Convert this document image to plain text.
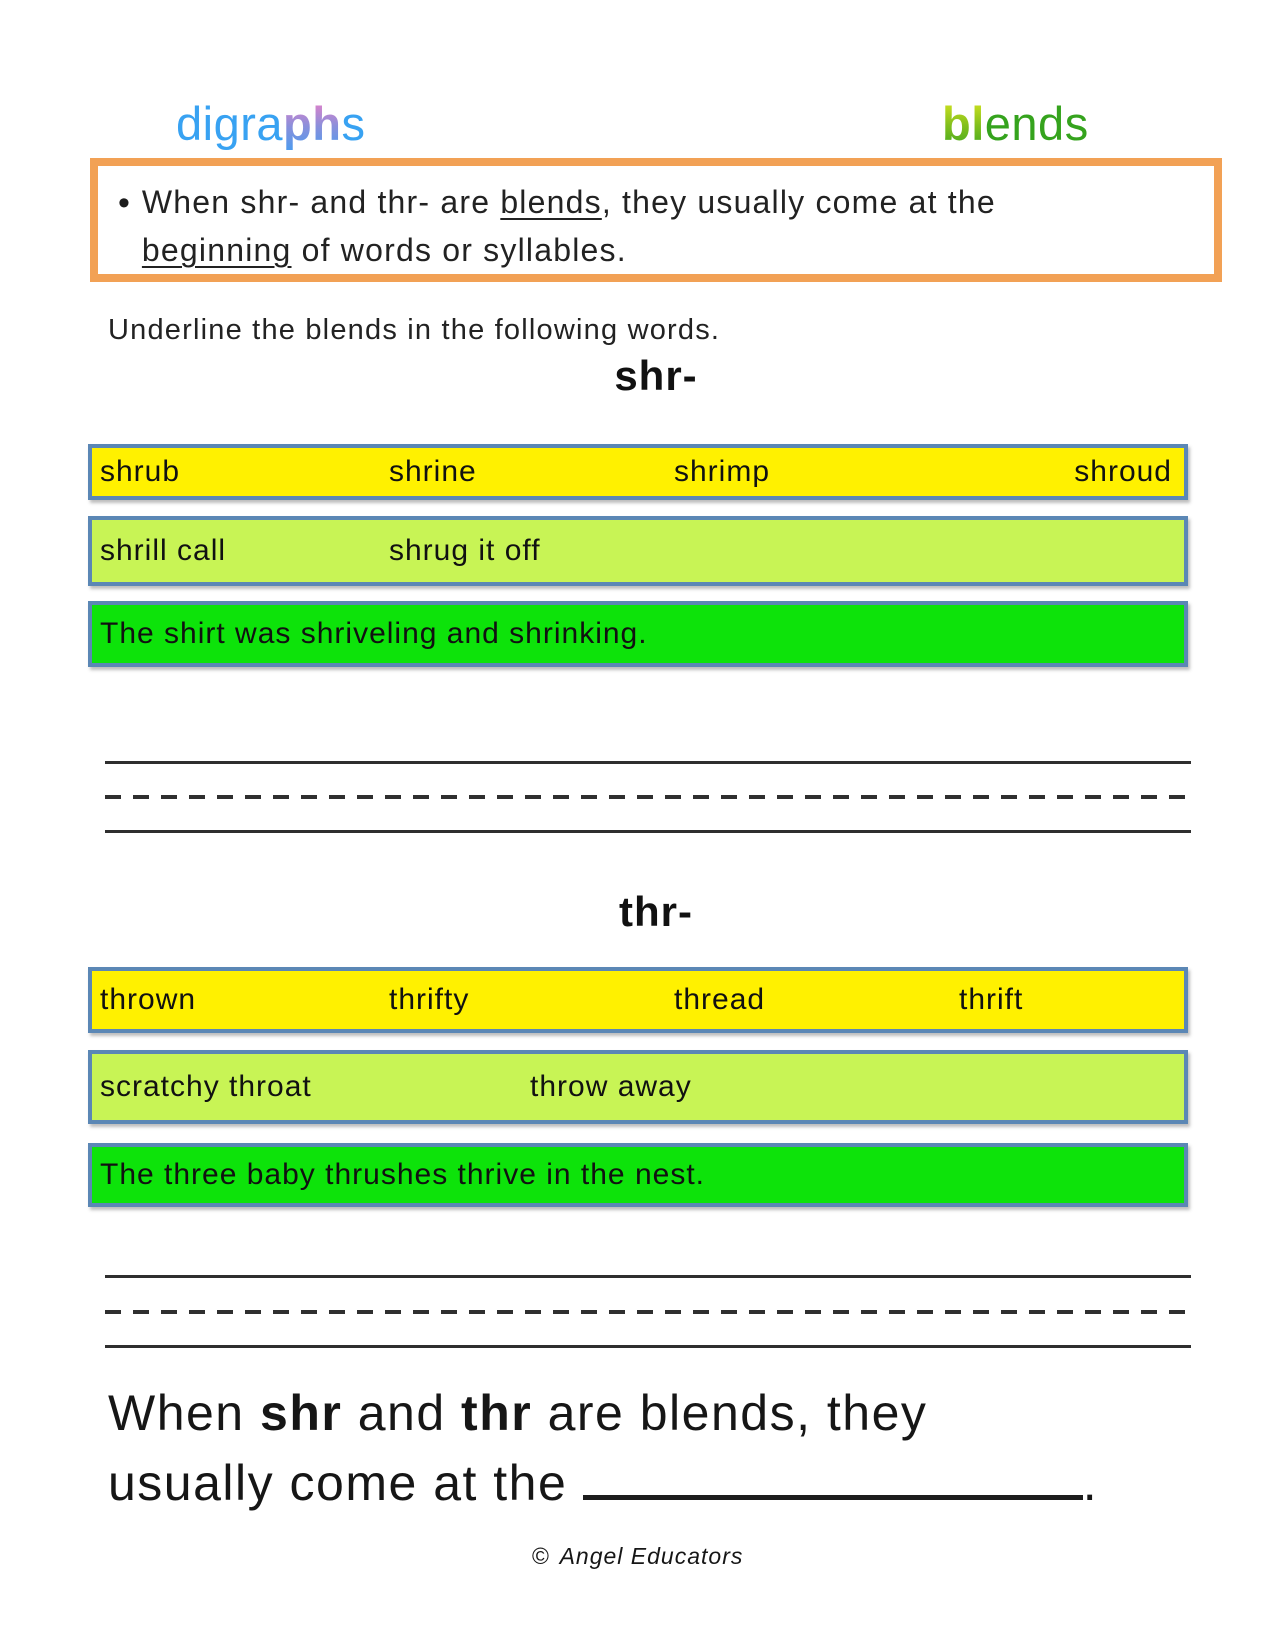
digraphs	blends
• When shr- and thr- are blends, they usually come at the
beginning of words or syllables.
Underline the blends in the following words.
shr-
shrub	shrine	shrimp	shroud
shrill call	shrug it off
The shirt was shriveling and shrinking.
thr-
thrown	thrifty	thread	thrift
scratchy throat	throw away
The three baby thrushes thrive in the nest.
When shr and thr are blends, they
usually come at the	.
© Angel Educators
